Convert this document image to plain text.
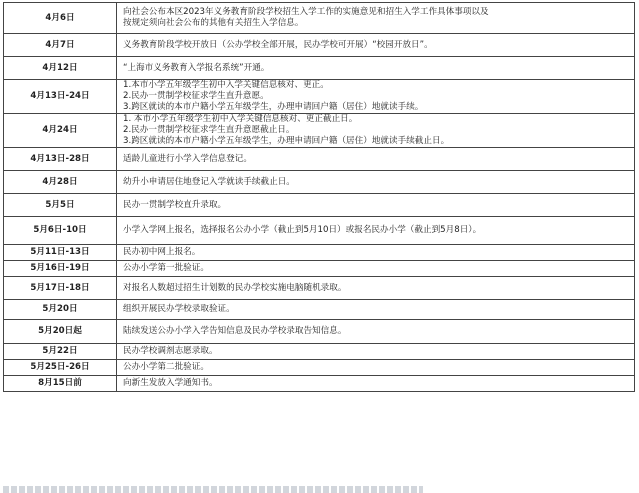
4月6日	向社会公布本区2023年义务教育阶段学校招生入学工作的实施意见和招生入学工作具体事项以及
按规定须向社会公布的其他有关招生入学信息。

4月7日	义务教育阶段学校开放日（公办学校全部开展，民办学校可开展）“校园开放日”。

4月12日	“上海市义务教育入学报名系统”开通。

4月13日-24日	1.本市小学五年级学生初中入学关键信息核对、更正。
2.民办一贯制学校征求学生直升意愿。
3.跨区就读的本市户籍小学五年级学生，办理申请回户籍（居住）地就读手续。

4月24日	1. 本市小学五年级学生初中入学关键信息核对、更正截止日。
2.民办一贯制学校征求学生直升意愿截止日。
3.跨区就读的本市户籍小学五年级学生，办理申请回户籍（居住）地就读手续截止日。

4月13日-28日	适龄儿童进行小学入学信息登记。

4月28日	幼升小申请居住地登记入学就读手续截止日。

5月5日	民办一贯制学校直升录取。

5月6日-10日	小学入学网上报名，选择报名公办小学（截止到5月10日）或报名民办小学（截止到5月8日）。

5月11日-13日	民办初中网上报名。

5月16日-19日	公办小学第一批验证。

5月17日-18日	对报名人数超过招生计划数的民办学校实施电脑随机录取。

5月20日	组织开展民办学校录取验证。

5月20日起	陆续发送公办小学入学告知信息及民办学校录取告知信息。

5月22日	民办学校调剂志愿录取。

5月25日-26日	公办小学第二批验证。

8月15日前	向新生发放入学通知书。
